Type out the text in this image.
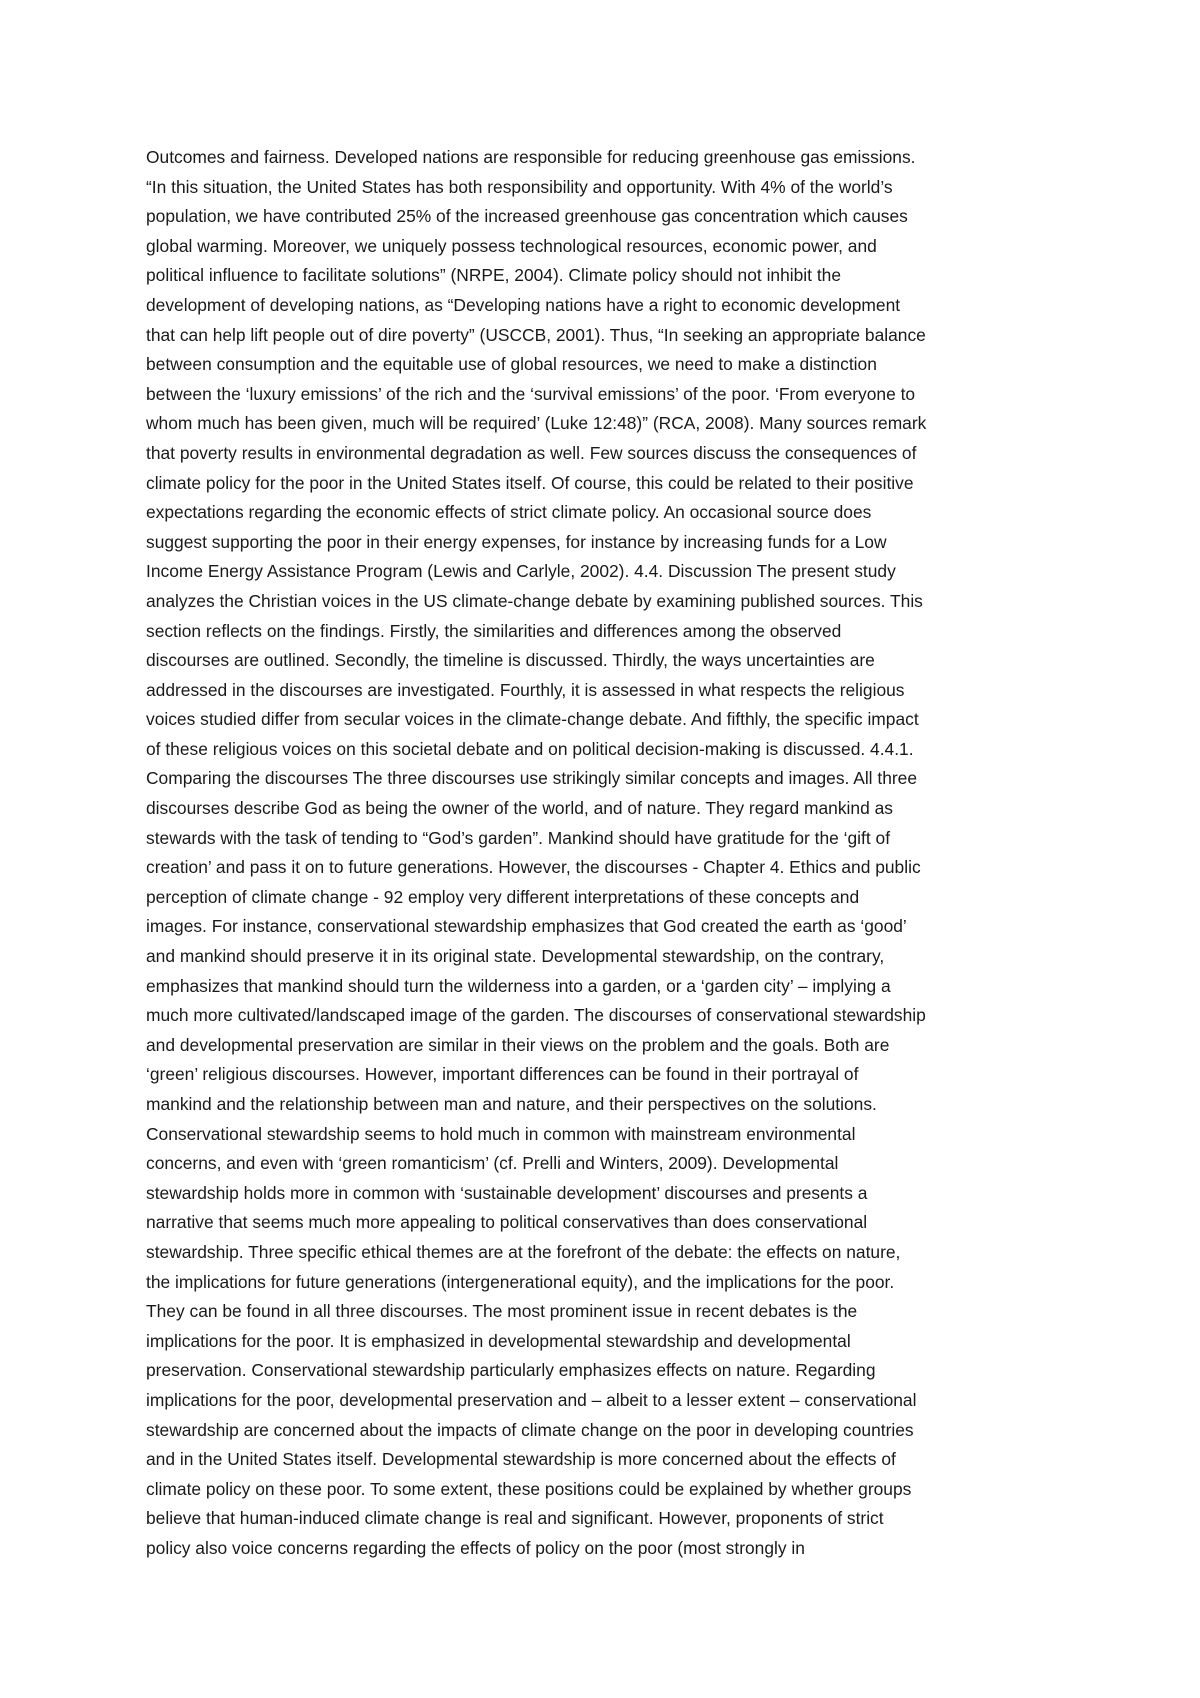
Outcomes and fairness. Developed nations are responsible for reducing greenhouse gas emissions.
“In this situation, the United States has both responsibility and opportunity. With 4% of the world’s
population, we have contributed 25% of the increased greenhouse gas concentration which causes
global warming. Moreover, we uniquely possess technological resources, economic power, and
political influence to facilitate solutions” (NRPE, 2004). Climate policy should not inhibit the
development of developing nations, as “Developing nations have a right to economic development
that can help lift people out of dire poverty” (USCCB, 2001). Thus, “In seeking an appropriate balance
between consumption and the equitable use of global resources, we need to make a distinction
between the ‘luxury emissions’ of the rich and the ‘survival emissions’ of the poor. ‘From everyone to
whom much has been given, much will be required’ (Luke 12:48)” (RCA, 2008). Many sources remark
that poverty results in environmental degradation as well. Few sources discuss the consequences of
climate policy for the poor in the United States itself. Of course, this could be related to their positive
expectations regarding the economic effects of strict climate policy. An occasional source does
suggest supporting the poor in their energy expenses, for instance by increasing funds for a Low
Income Energy Assistance Program (Lewis and Carlyle, 2002). 4.4. Discussion The present study
analyzes the Christian voices in the US climate-change debate by examining published sources. This
section reflects on the findings. Firstly, the similarities and differences among the observed
discourses are outlined. Secondly, the timeline is discussed. Thirdly, the ways uncertainties are
addressed in the discourses are investigated. Fourthly, it is assessed in what respects the religious
voices studied differ from secular voices in the climate-change debate. And fifthly, the specific impact
of these religious voices on this societal debate and on political decision-making is discussed. 4.4.1.
Comparing the discourses The three discourses use strikingly similar concepts and images. All three
discourses describe God as being the owner of the world, and of nature. They regard mankind as
stewards with the task of tending to “God’s garden”. Mankind should have gratitude for the ‘gift of
creation’ and pass it on to future generations. However, the discourses - Chapter 4. Ethics and public
perception of climate change - 92 employ very different interpretations of these concepts and
images. For instance, conservational stewardship emphasizes that God created the earth as ‘good’
and mankind should preserve it in its original state. Developmental stewardship, on the contrary,
emphasizes that mankind should turn the wilderness into a garden, or a ‘garden city’ – implying a
much more cultivated/landscaped image of the garden. The discourses of conservational stewardship
and developmental preservation are similar in their views on the problem and the goals. Both are
‘green’ religious discourses. However, important differences can be found in their portrayal of
mankind and the relationship between man and nature, and their perspectives on the solutions.
Conservational stewardship seems to hold much in common with mainstream environmental
concerns, and even with ‘green romanticism’ (cf. Prelli and Winters, 2009). Developmental
stewardship holds more in common with ‘sustainable development’ discourses and presents a
narrative that seems much more appealing to political conservatives than does conservational
stewardship. Three specific ethical themes are at the forefront of the debate: the effects on nature,
the implications for future generations (intergenerational equity), and the implications for the poor.
They can be found in all three discourses. The most prominent issue in recent debates is the
implications for the poor. It is emphasized in developmental stewardship and developmental
preservation. Conservational stewardship particularly emphasizes effects on nature. Regarding
implications for the poor, developmental preservation and – albeit to a lesser extent – conservational
stewardship are concerned about the impacts of climate change on the poor in developing countries
and in the United States itself. Developmental stewardship is more concerned about the effects of
climate policy on these poor. To some extent, these positions could be explained by whether groups
believe that human-induced climate change is real and significant. However, proponents of strict
policy also voice concerns regarding the effects of policy on the poor (most strongly in
